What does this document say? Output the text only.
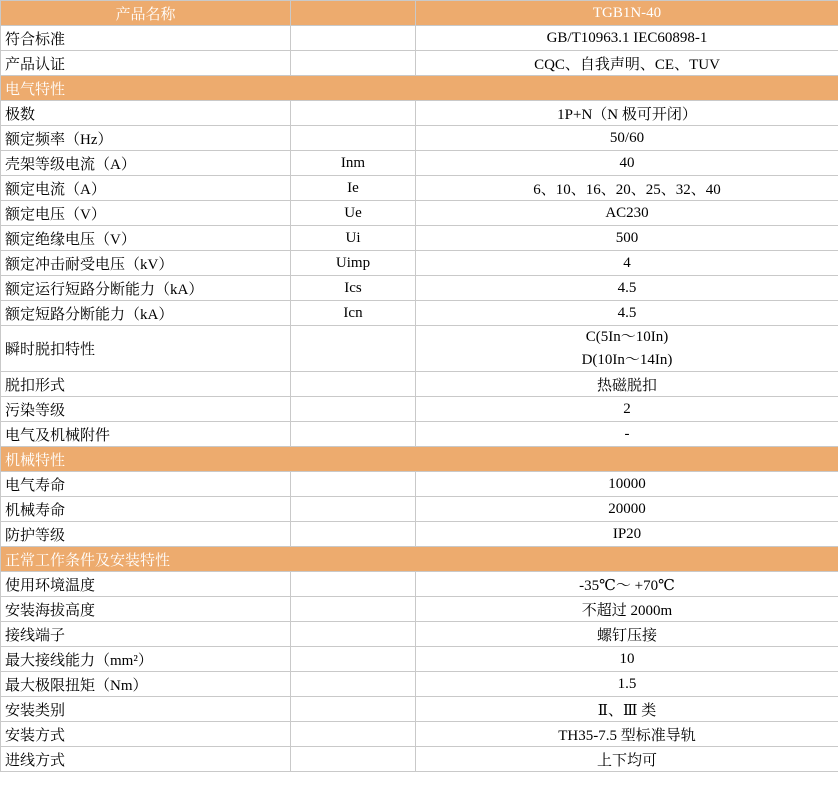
产品名称		TGB1N-40
符合标准		GB/T10963.1 IEC60898-1
产品认证		CQC、自我声明、CE、TUV
电气特性		
极数		1P+N（N 极可开闭）
额定频率（Hz）		50/60
壳架等级电流（A）	Inm	40
额定电流（A）	Ie	6、10、16、20、25、32、40
额定电压（V）	Ue	AC230
额定绝缘电压（V）	Ui	500
额定冲击耐受电压（kV）	Uimp	4
额定运行短路分断能力（kA）	Ics	4.5
额定短路分断能力（kA）	Icn	4.5
瞬时脱扣特性		C(5In～10In)
D(10In～14In)

脱扣形式		热磁脱扣
污染等级		2
电气及机械附件		-
机械特性		
电气寿命		10000
机械寿命		20000
防护等级		IP20
正常工作条件及安装特性		
使用环境温度		-35℃～ +70℃
安装海拔高度		不超过 2000m
接线端子		螺钉压接
最大接线能力（mm²）		10
最大极限扭矩（Nm）		1.5
安装类别		Ⅱ、Ⅲ 类
安装方式		TH35-7.5 型标准导轨
进线方式		上下均可
